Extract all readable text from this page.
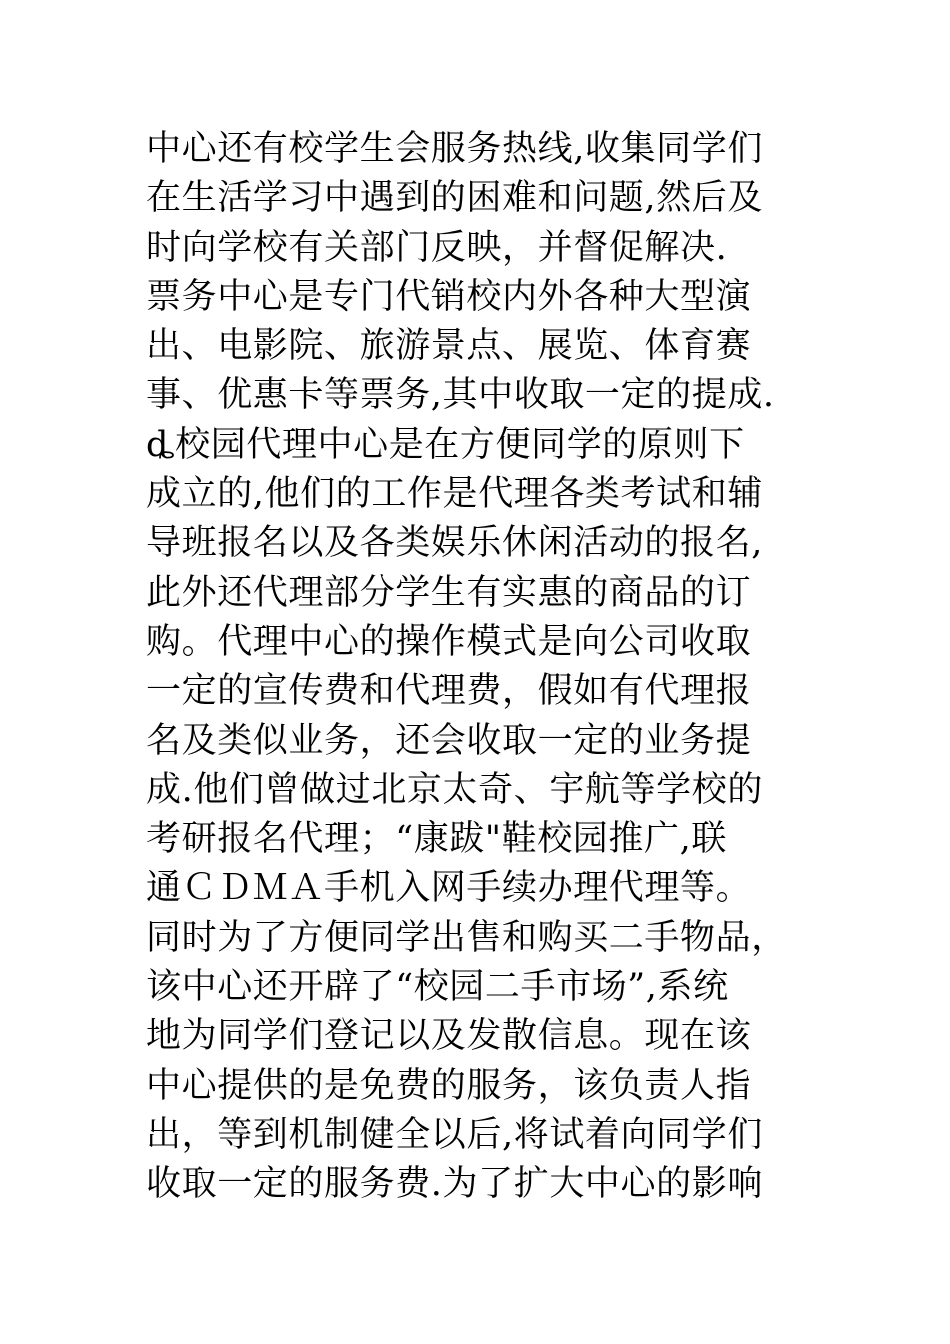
中心还有校学生会服务热线,收集同学们
在生活学习中遇到的困难和问题,然后及
时向学校有关部门反映，并督促解决.
票务中心是专门代销校内外各种大型演
出、电影院、旅游景点、展览、体育赛
事、优惠卡等票务,其中收取一定的提成.
ȡ校园代理中心是在方便同学的原则下
成立的,他们的工作是代理各类考试和辅
导班报名以及各类娱乐休闲活动的报名,
此外还代理部分学生有实惠的商品的订
购。代理中心的操作模式是向公司收取
一定的宣传费和代理费，假如有代理报
名及类似业务，还会收取一定的业务提
成.他们曾做过北京太奇、宇航等学校的
考研报名代理；“康跋"鞋校园推广,联
通ＣＤＭＡ手机入网手续办理代理等。
同时为了方便同学出售和购买二手物品，
该中心还开辟了“校园二手市场”,系统
地为同学们登记以及发散信息。现在该
中心提供的是免费的服务，该负责人指
出，等到机制健全以后,将试着向同学们
收取一定的服务费.为了扩大中心的影响
